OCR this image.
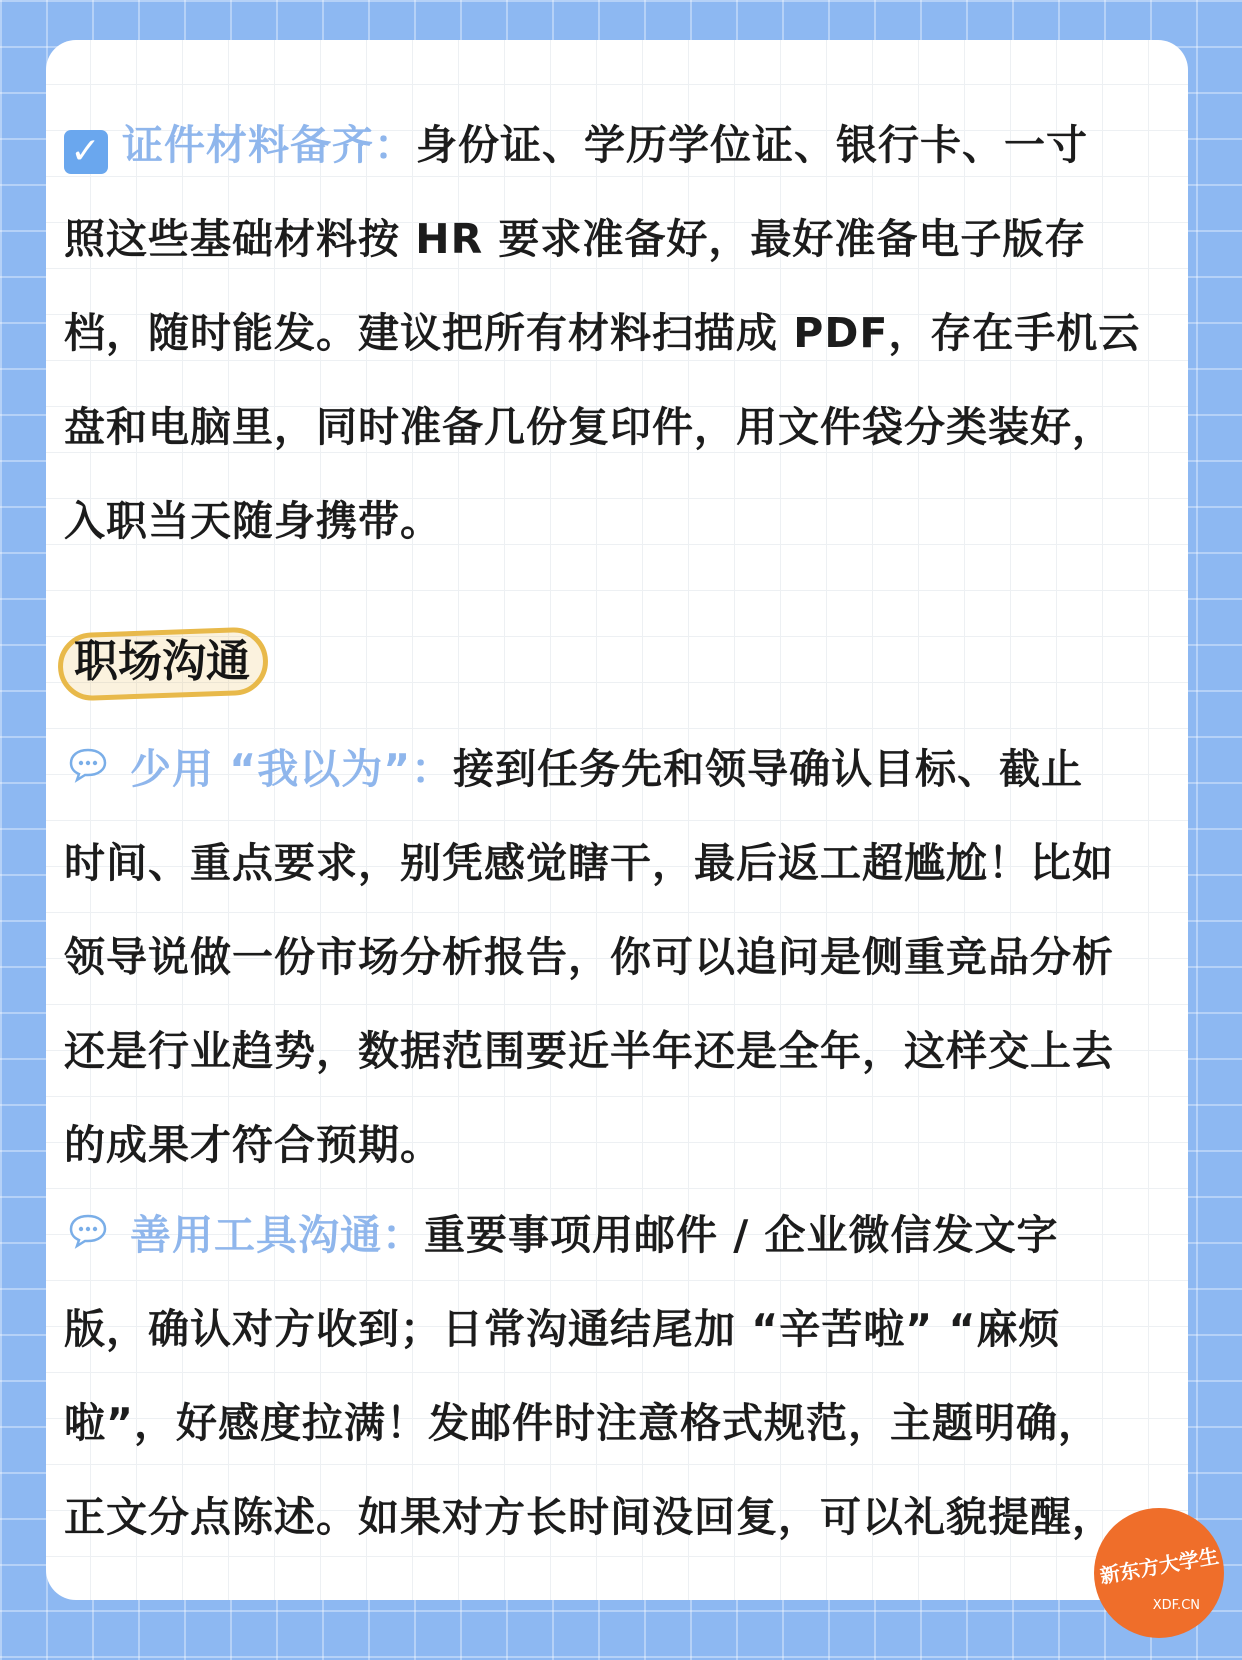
✓ 证件材料备齐：身份证、学历学位证、银行卡、一寸
照这些基础材料按 HR 要求准备好，最好准备电子版存
档，随时能发。建议把所有材料扫描成 PDF，存在手机云
盘和电脑里，同时准备几份复印件，用文件袋分类装好，
入职当天随身携带。
职场沟通
少用 “我以为”：接到任务先和领导确认目标、截止
时间、重点要求，别凭感觉瞎干，最后返工超尴尬！比如
领导说做一份市场分析报告，你可以追问是侧重竞品分析
还是行业趋势，数据范围要近半年还是全年，这样交上去
的成果才符合预期。
善用工具沟通：重要事项用邮件 / 企业微信发文字
版，确认对方收到；日常沟通结尾加 “辛苦啦” “麻烦
啦”，好感度拉满！发邮件时注意格式规范，主题明确，
正文分点陈述。如果对方长时间没回复，可以礼貌提醒，
新东方大学生
XDF.CN
